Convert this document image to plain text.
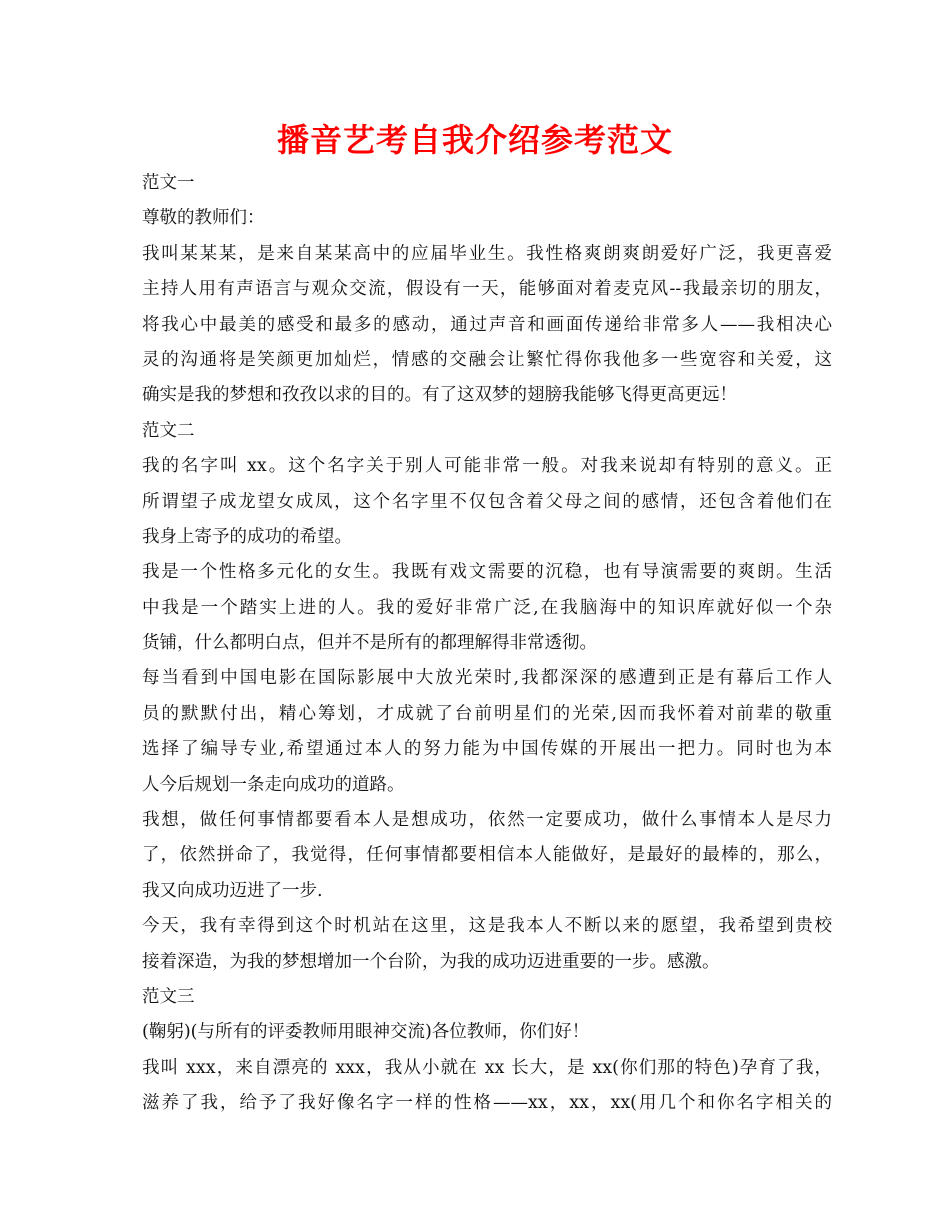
播音艺考自我介绍参考范文
范文一
尊敬的教师们：
我叫某某某，是来自某某高中的应届毕业生。我性格爽朗爽朗爱好广泛，我更喜爱
主持人用有声语言与观众交流，假设有一天，能够面对着麦克风--我最亲切的朋友，
将我心中最美的感受和最多的感动，通过声音和画面传递给非常多人——我相决心
灵的沟通将是笑颜更加灿烂，情感的交融会让繁忙得你我他多一些宽容和关爱，这
确实是我的梦想和孜孜以求的目的。有了这双梦的翅膀我能够飞得更高更远！
范文二
我的名字叫 xx。这个名字关于别人可能非常一般。对我来说却有特别的意义。正
所谓望子成龙望女成凤，这个名字里不仅包含着父母之间的感情，还包含着他们在
我身上寄予的成功的希望。
我是一个性格多元化的女生。我既有戏文需要的沉稳，也有导演需要的爽朗。生活
中我是一个踏实上进的人。我的爱好非常广泛,在我脑海中的知识库就好似一个杂
货铺，什么都明白点，但并不是所有的都理解得非常透彻。
每当看到中国电影在国际影展中大放光荣时,我都深深的感遭到正是有幕后工作人
员的默默付出，精心筹划，才成就了台前明星们的光荣,因而我怀着对前辈的敬重
选择了编导专业,希望通过本人的努力能为中国传媒的开展出一把力。同时也为本
人今后规划一条走向成功的道路。
我想，做任何事情都要看本人是想成功，依然一定要成功，做什么事情本人是尽力
了，依然拼命了，我觉得，任何事情都要相信本人能做好，是最好的最棒的，那么，
我又向成功迈进了一步.
今天，我有幸得到这个时机站在这里，这是我本人不断以来的愿望，我希望到贵校
接着深造，为我的梦想增加一个台阶，为我的成功迈进重要的一步。感激。
范文三
(鞠躬)(与所有的评委教师用眼神交流)各位教师，你们好！
我叫 xxx，来自漂亮的 xxx，我从小就在 xx 长大，是 xx(你们那的特色)孕育了我，
滋养了我，给予了我好像名字一样的性格——xx，xx，xx(用几个和你名字相关的
